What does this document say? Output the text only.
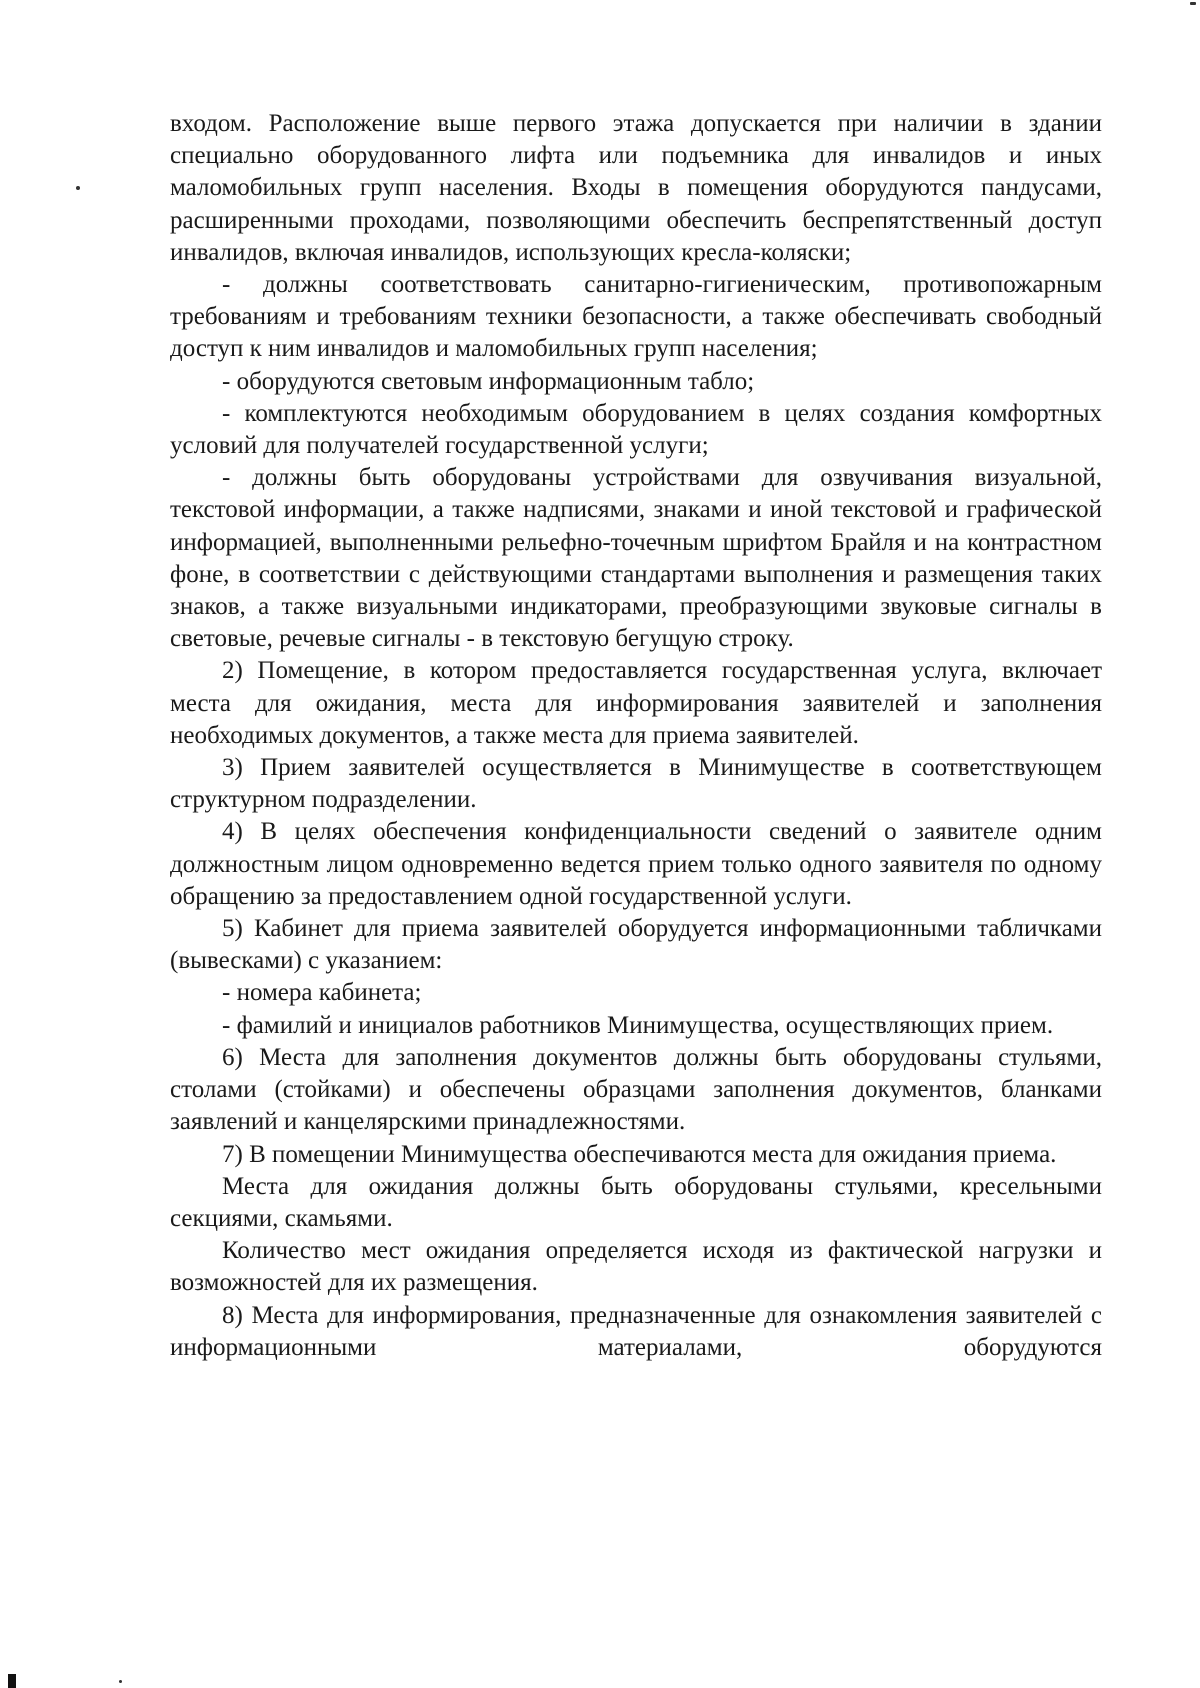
входом. Расположение выше первого этажа допускается при наличии в здании специально оборудованного лифта или подъемника для инвалидов и иных маломобильных групп населения. Входы в помещения оборудуются пандусами, расширенными проходами, позволяющими обеспечить беспрепятственный доступ инвалидов, включая инвалидов, использующих кресла-коляски;

- должны соответствовать санитарно-гигиеническим, противопожарным требованиям и требованиям техники безопасности, а также обеспечивать свободный доступ к ним инвалидов и маломобильных групп населения;

- оборудуются световым информационным табло;

- комплектуются необходимым оборудованием в целях создания комфортных условий для получателей государственной услуги;

- должны быть оборудованы устройствами для озвучивания визуальной, текстовой информации, а также надписями, знаками и иной текстовой и графической информацией, выполненными рельефно-точечным шрифтом Брайля и на контрастном фоне, в соответствии с действующими стандартами выполнения и размещения таких знаков, а также визуальными индикаторами, преобразующими звуковые сигналы в световые, речевые сигналы - в текстовую бегущую строку.

2) Помещение, в котором предоставляется государственная услуга, включает места для ожидания, места для информирования заявителей и заполнения необходимых документов, а также места для приема заявителей.

3) Прием заявителей осуществляется в Минимуществе в соответствующем структурном подразделении.

4) В целях обеспечения конфиденциальности сведений о заявителе одним должностным лицом одновременно ведется прием только одного заявителя по одному обращению за предоставлением одной государственной услуги.

5) Кабинет для приема заявителей оборудуется информационными табличками (вывесками) с указанием:

- номера кабинета;

- фамилий и инициалов работников Минимущества, осуществляющих прием.

6) Места для заполнения документов должны быть оборудованы стульями, столами (стойками) и обеспечены образцами заполнения документов, бланками заявлений и канцелярскими принадлежностями.

7) В помещении Минимущества обеспечиваются места для ожидания приема.

Места для ожидания должны быть оборудованы стульями, кресельными секциями, скамьями.

Количество мест ожидания определяется исходя из фактической нагрузки и возможностей для их размещения.

8) Места для информирования, предназначенные для ознакомления заявителей с информационными материалами, оборудуются
